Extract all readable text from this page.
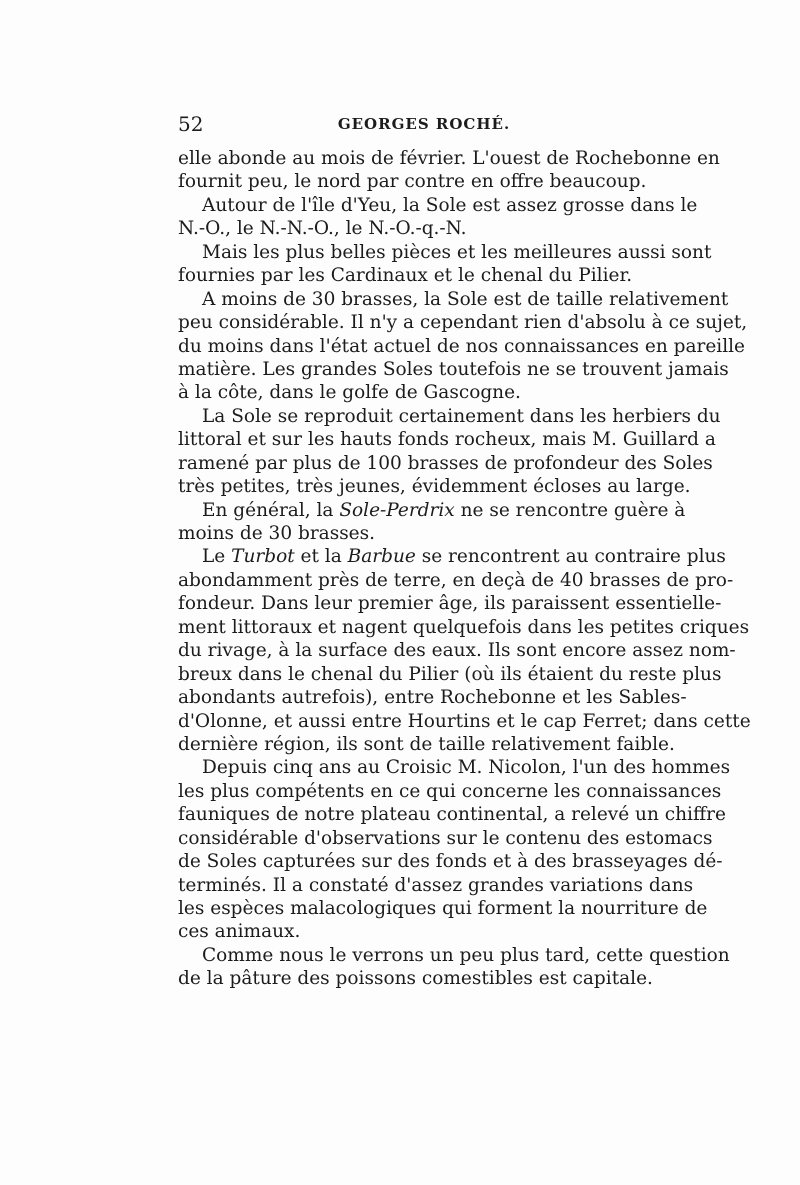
52	GEORGES ROCHÉ.
elle abonde au mois de février. L'ouest de Rochebonne en
fournit peu, le nord par contre en offre beaucoup.
Autour de l'île d'Yeu, la Sole est assez grosse dans le
N.-O., le N.-N.-O., le N.-O.-q.-N.
Mais les plus belles pièces et les meilleures aussi sont
fournies par les Cardinaux et le chenal du Pilier.
A moins de 30 brasses, la Sole est de taille relativement
peu considérable. Il n'y a cependant rien d'absolu à ce sujet,
du moins dans l'état actuel de nos connaissances en pareille
matière. Les grandes Soles toutefois ne se trouvent jamais
à la côte, dans le golfe de Gascogne.
La Sole se reproduit certainement dans les herbiers du
littoral et sur les hauts fonds rocheux, mais M. Guillard a
ramené par plus de 100 brasses de profondeur des Soles
très petites, très jeunes, évidemment écloses au large.
En général, la Sole-Perdrix ne se rencontre guère à
moins de 30 brasses.
Le Turbot et la Barbue se rencontrent au contraire plus
abondamment près de terre, en deçà de 40 brasses de pro-
fondeur. Dans leur premier âge, ils paraissent essentielle-
ment littoraux et nagent quelquefois dans les petites criques
du rivage, à la surface des eaux. Ils sont encore assez nom-
breux dans le chenal du Pilier (où ils étaient du reste plus
abondants autrefois), entre Rochebonne et les Sables-
d'Olonne, et aussi entre Hourtins et le cap Ferret; dans cette
dernière région, ils sont de taille relativement faible.
Depuis cinq ans au Croisic M. Nicolon, l'un des hommes
les plus compétents en ce qui concerne les connaissances
fauniques de notre plateau continental, a relevé un chiffre
considérable d'observations sur le contenu des estomacs
de Soles capturées sur des fonds et à des brasseyages dé-
terminés. Il a constaté d'assez grandes variations dans
les espèces malacologiques qui forment la nourriture de
ces animaux.
Comme nous le verrons un peu plus tard, cette question
de la pâture des poissons comestibles est capitale.
